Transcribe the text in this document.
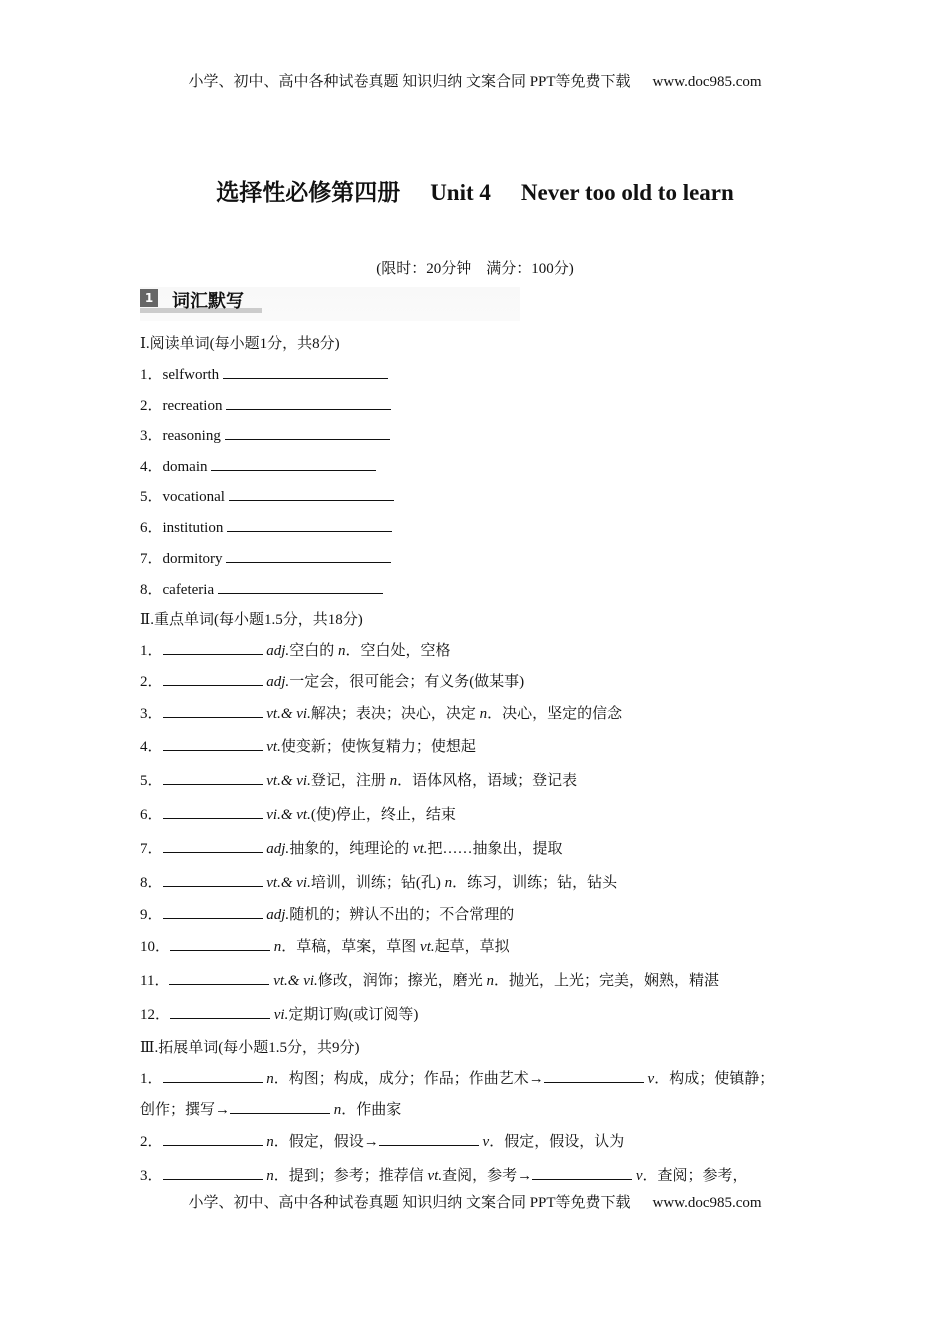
小学、初中、高中各种试卷真题 知识归纳 文案合同 PPT等免费下载 www.doc985.com
选择性必修第四册 Unit 4 Never too old to learn
(限时：20分钟　满分：100分)
1 词汇默写
Ⅰ.阅读单词(每小题1分，共8分)
1．selfworth
2．recreation
3．reasoning
4．domain
5．vocational
6．institution
7．dormitory
8．cafeteria
Ⅱ.重点单词(每小题1.5分，共18分)
1．	adj.空白的 n．空白处，空格
2．	adj.一定会，很可能会；有义务(做某事)
3．	vt.& vi.解决；表决；决心，决定 n．决心，坚定的信念
4．	vt.使变新；使恢复精力；使想起
5．	vt.& vi.登记，注册 n．语体风格，语域；登记表
6．	vi.& vt.(使)停止，终止，结束
7．	adj.抽象的，纯理论的 vt.把……抽象出，提取
8．	vt.& vi.培训，训练；钻(孔) n．练习，训练；钻，钻头
9．	adj.随机的；辨认不出的；不合常理的
10．	n．草稿，草案，草图 vt.起草，草拟
11．	vt.& vi.修改，润饰；擦光，磨光 n．抛光，上光；完美，娴熟，精湛
12．	vi.定期订购(或订阅等)
Ⅲ.拓展单词(每小题1.5分，共9分)
1．	n．构图；构成，成分；作品；作曲艺术→	v．构成；使镇静；
创作；撰写→	n．作曲家
2．	n．假定，假设→	v．假定，假设，认为
3．	n．提到；参考；推荐信 vt.查阅，参考→	v．查阅；参考，
小学、初中、高中各种试卷真题 知识归纳 文案合同 PPT等免费下载 www.doc985.com
